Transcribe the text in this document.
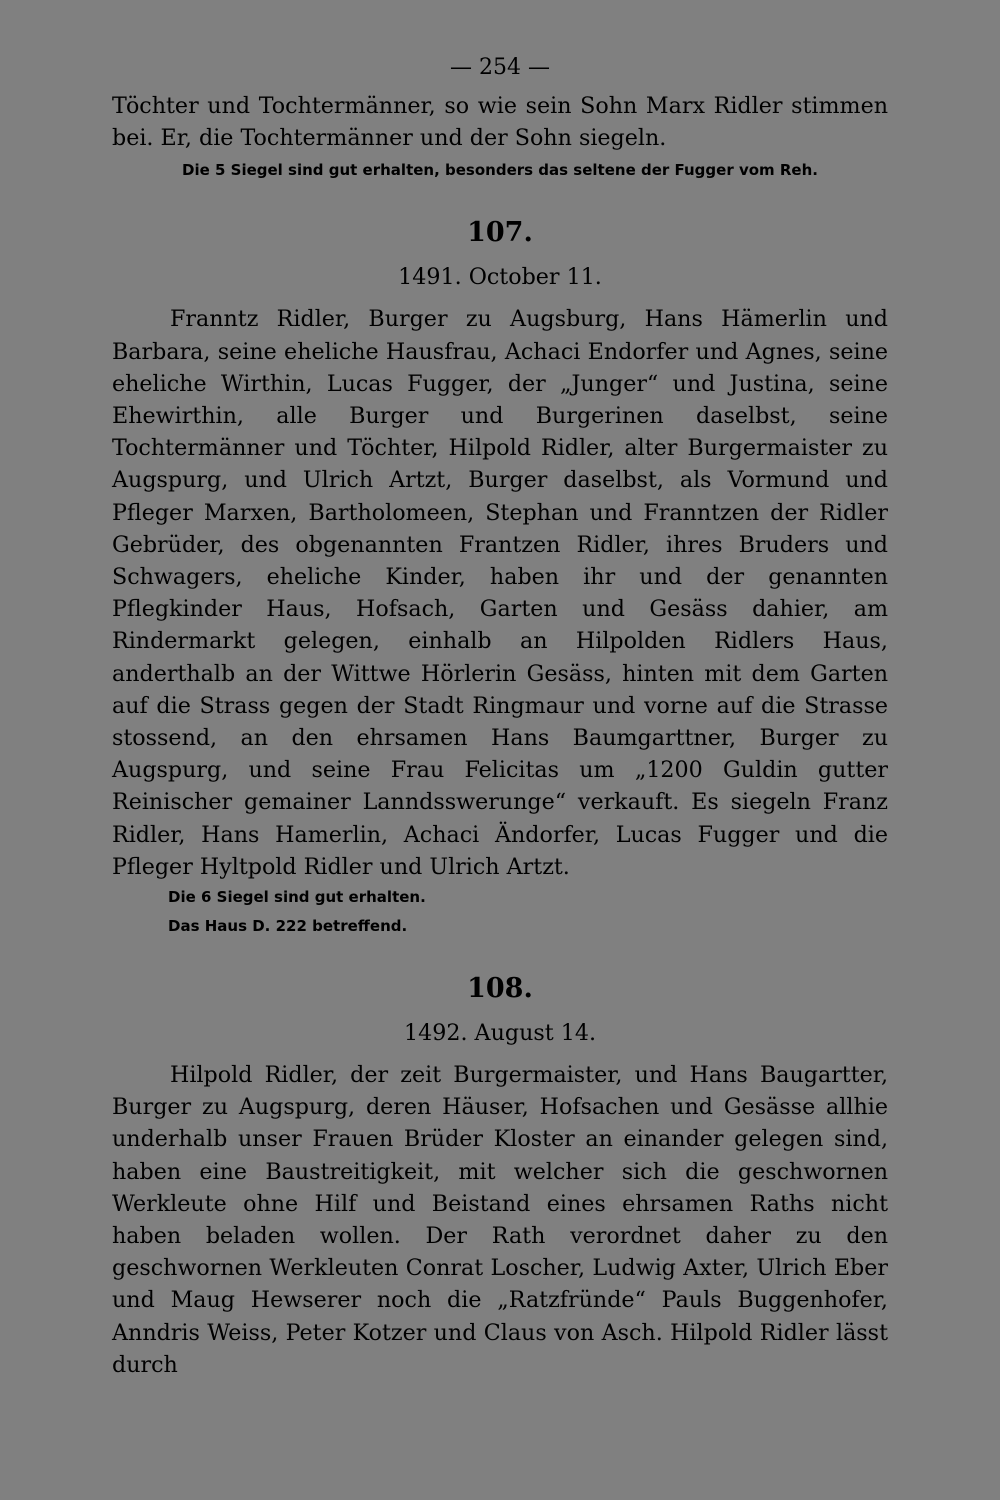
— 254 —

Töchter und Tochtermänner, so wie sein Sohn Marx Ridler stimmen bei. Er, die Tochtermänner und der Sohn siegeln.

Die 5 Siegel sind gut erhalten, besonders das seltene der Fugger vom Reh.

107.
1491. October 11.

Franntz Ridler, Burger zu Augsburg, Hans Hämerlin und Barbara, seine eheliche Hausfrau, Achaci Endorfer und Agnes, seine eheliche Wirthin, Lucas Fugger, der „Junger“ und Justina, seine Ehewirthin, alle Burger und Burgerinen daselbst, seine Tochtermänner und Töchter, Hilpold Ridler, alter Burgermaister zu Augspurg, und Ulrich Artzt, Burger daselbst, als Vormund und Pfleger Marxen, Bartholomeen, Stephan und Franntzen der Ridler Gebrüder, des obgenannten Frantzen Ridler, ihres Bruders und Schwagers, eheliche Kinder, haben ihr und der genannten Pflegkinder Haus, Hofsach, Garten und Gesäss dahier, am Rindermarkt gelegen, einhalb an Hilpolden Ridlers Haus, anderthalb an der Wittwe Hörlerin Gesäss, hinten mit dem Garten auf die Strass gegen der Stadt Ringmaur und vorne auf die Strasse stossend, an den ehrsamen Hans Baumgarttner, Burger zu Augspurg, und seine Frau Felicitas um „1200 Guldin gutter Reinischer gemainer Lanndsswerunge“ verkauft. Es siegeln Franz Ridler, Hans Hamerlin, Achaci Ändorfer, Lucas Fugger und die Pfleger Hyltpold Ridler und Ulrich Artzt.

Die 6 Siegel sind gut erhalten.

Das Haus D. 222 betreffend.

108.
1492. August 14.

Hilpold Ridler, der zeit Burgermaister, und Hans Baugartter, Burger zu Augspurg, deren Häuser, Hofsachen und Gesässe allhie underhalb unser Frauen Brüder Kloster an einander gelegen sind, haben eine Baustreitigkeit, mit welcher sich die geschwornen Werkleute ohne Hilf und Beistand eines ehrsamen Raths nicht haben beladen wollen. Der Rath verordnet daher zu den geschwornen Werkleuten Conrat Loscher, Ludwig Axter, Ulrich Eber und Maug Hewserer noch die „Ratzfründe“ Pauls Buggenhofer, Anndris Weiss, Peter Kotzer und Claus von Asch. Hilpold Ridler lässt durch
